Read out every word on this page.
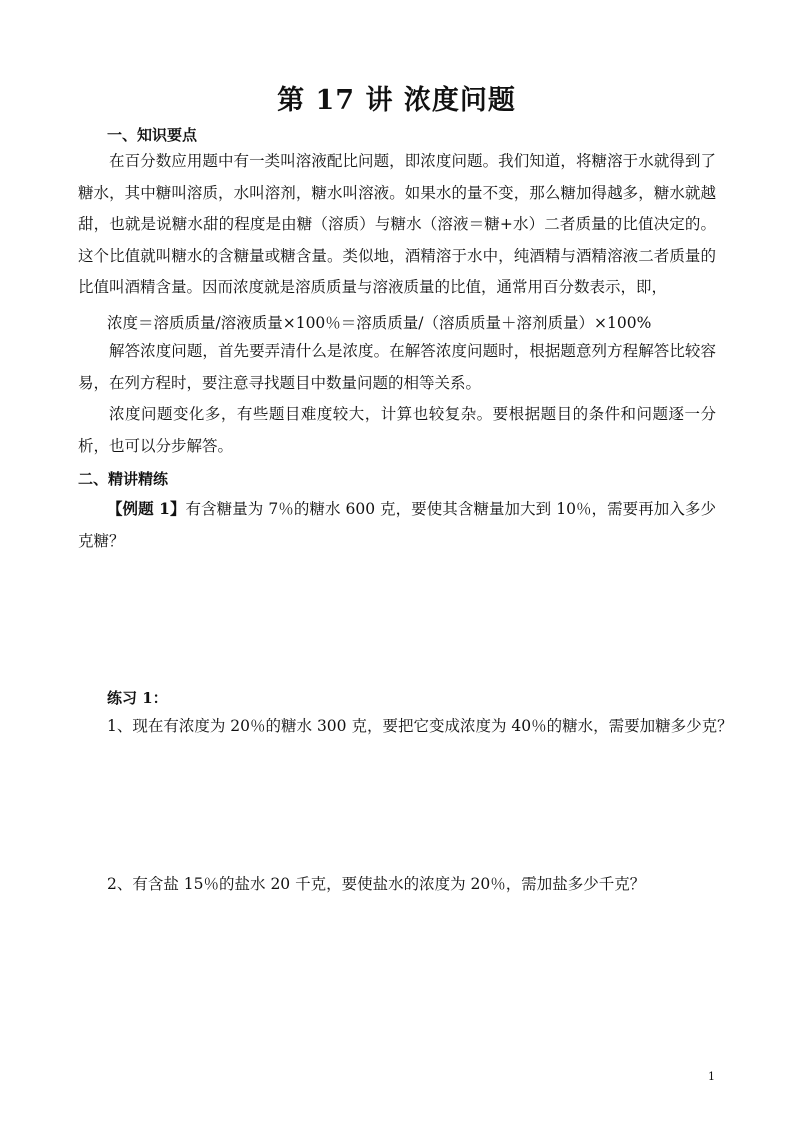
第 17 讲 浓度问题
一、知识要点
在百分数应用题中有一类叫溶液配比问题，即浓度问题。我们知道，将糖溶于水就得到了糖水，其中糖叫溶质，水叫溶剂，糖水叫溶液。如果水的量不变，那么糖加得越多，糖水就越甜，也就是说糖水甜的程度是由糖（溶质）与糖水（溶液＝糖+水）二者质量的比值决定的。这个比值就叫糖水的含糖量或糖含量。类似地，酒精溶于水中，纯酒精与酒精溶液二者质量的比值叫酒精含量。因而浓度就是溶质质量与溶液质量的比值，通常用百分数表示，即，
浓度＝溶质质量/溶液质量×100％＝溶质质量/（溶质质量＋溶剂质量）×100%
解答浓度问题，首先要弄清什么是浓度。在解答浓度问题时，根据题意列方程解答比较容易，在列方程时，要注意寻找题目中数量问题的相等关系。
浓度问题变化多，有些题目难度较大，计算也较复杂。要根据题目的条件和问题逐一分析，也可以分步解答。
二、精讲精练
【例题 1】有含糖量为 7％的糖水 600 克，要使其含糖量加大到 10％，需要再加入多少克糖？
练习 1：
1、现在有浓度为 20％的糖水 300 克，要把它变成浓度为 40％的糖水，需要加糖多少克？
2、有含盐 15％的盐水 20 千克，要使盐水的浓度为 20％，需加盐多少千克？
1
